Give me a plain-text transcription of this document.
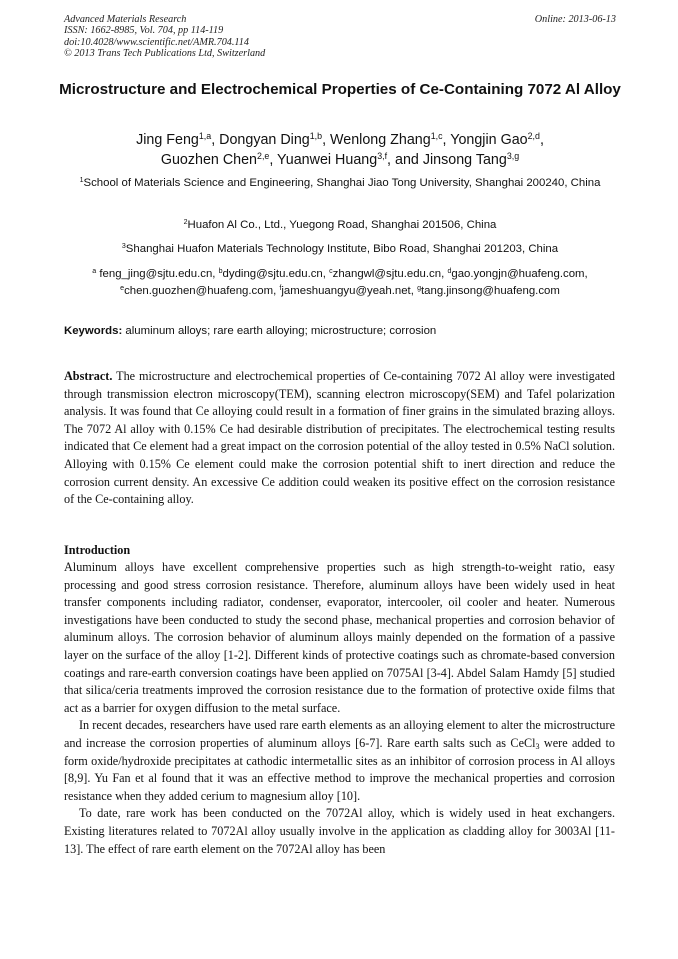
Advanced Materials Research
ISSN: 1662-8985, Vol. 704, pp 114-119
doi:10.4028/www.scientific.net/AMR.704.114
© 2013 Trans Tech Publications Ltd, Switzerland
Online: 2013-06-13
Microstructure and Electrochemical Properties of Ce-Containing 7072 Al Alloy
Jing Feng$^{1,a}$, Dongyan Ding$^{1,b}$, Wenlong Zhang$^{1,c}$, Yongjin Gao$^{2,d}$,
Guozhen Chen$^{2,e}$, Yuanwei Huang$^{3,f}$, and Jinsong Tang$^{3,g}$
$^1$School of Materials Science and Engineering, Shanghai Jiao Tong University, Shanghai 200240, China
$^2$Huafon Al Co., Ltd., Yuegong Road, Shanghai 201506, China
$^3$Shanghai Huafon Materials Technology Institute, Bibo Road, Shanghai 201203, China
$^a$ feng_jing@sjtu.edu.cn, $^b$dyding@sjtu.edu.cn, $^c$zhangwl@sjtu.edu.cn, $^d$gao.yongjn@huafeng.com,
$^e$chen.guozhen@huafeng.com, $^f$jameshuangyu@yeah.net, $^g$tang.jinsong@huafeng.com
Keywords: aluminum alloys; rare earth alloying; microstructure; corrosion
Abstract. The microstructure and electrochemical properties of Ce-containing 7072 Al alloy were investigated through transmission electron microscopy(TEM), scanning electron microscopy(SEM) and Tafel polarization analysis. It was found that Ce alloying could result in a formation of finer grains in the simulated brazing alloys. The 7072 Al alloy with 0.15% Ce had desirable distribution of precipitates. The electrochemical testing results indicated that Ce element had a great impact on the corrosion potential of the alloy tested in 0.5% NaCl solution. Alloying with 0.15% Ce element could make the corrosion potential shift to inert direction and reduce the corrosion current density. An excessive Ce addition could weaken its positive effect on the corrosion resistance of the Ce-containing alloy.
Introduction

Aluminum alloys have excellent comprehensive properties such as high strength-to-weight ratio, easy processing and good stress corrosion resistance. Therefore, aluminum alloys have been widely used in heat transfer components including radiator, condenser, evaporator, intercooler, oil cooler and heater. Numerous investigations have been conducted to study the second phase, mechanical properties and corrosion behavior of aluminum alloys. The corrosion behavior of aluminum alloys mainly depended on the formation of a passive layer on the surface of the alloy [1-2]. Different kinds of protective coatings such as chromate-based conversion coatings and rare-earth conversion coatings have been applied on 7075Al [3-4]. Abdel Salam Hamdy [5] studied that silica/ceria treatments improved the corrosion resistance due to the formation of protective oxide films that act as a barrier for oxygen diffusion to the metal surface.

In recent decades, researchers have used rare earth elements as an alloying element to alter the microstructure and increase the corrosion properties of aluminum alloys [6-7]. Rare earth salts such as CeCl$_3$ were added to form oxide/hydroxide precipitates at cathodic intermetallic sites as an inhibitor of corrosion process in Al alloys [8,9]. Yu Fan et al found that it was an effective method to improve the mechanical properties and corrosion resistance when they added cerium to magnesium alloy [10].

To date, rare work has been conducted on the 7072Al alloy, which is widely used in heat exchangers. Existing literatures related to 7072Al alloy usually involve in the application as cladding alloy for 3003Al [11-13]. The effect of rare earth element on the 7072Al alloy has been
